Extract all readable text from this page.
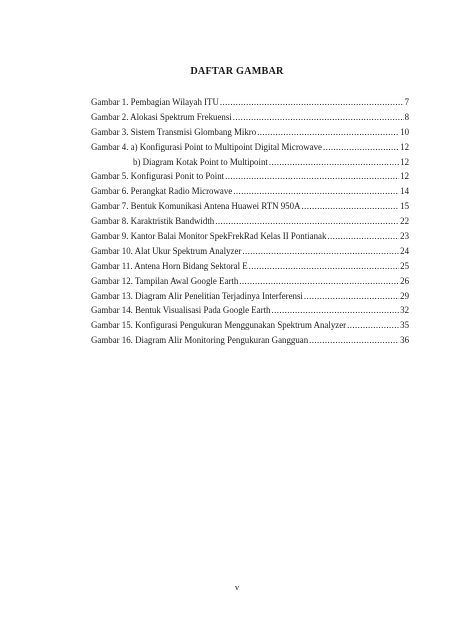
DAFTAR GAMBAR
Gambar 1. Pembagian Wilayah ITU .....	7
Gambar 2. Alokasi Spektrum Frekuensi .....	8
Gambar 3. Sistem Transmisi Glombang Mikro .....	10
Gambar 4. a) Konfigurasi Point to Multipoint Digital Microwave .....	12
b) Diagram Kotak Point to Multipoint .....	12
Gambar 5. Konfigurasi Ponit to Point .....	12
Gambar 6. Perangkat Radio Microwave .....	14
Gambar 7. Bentuk Komunikasi Antena Huawei RTN 950A .....	15
Gambar 8. Karaktristik Bandwidth .....	22
Gambar 9. Kantor Balai Monitor SpekFrekRad Kelas II Pontianak .....	23
Gambar 10. Alat Ukur Spektrum Analyzer .....	24
Gambar 11. Antena Horn Bidang Sektoral E .....	25
Gambar 12. Tampilan Awal Google Earth .....	26
Gambar 13. Diagram Alir Penelitian Terjadinya Interferensi .....	29
Gambar 14. Bentuk Visualisasi Pada Google Earth .....	32
Gambar 15. Konfigurasi Pengukuran Menggunakan Spektrum Analyzer .....	35
Gambar 16. Diagram Alir Monitoring Pengukuran Gangguan .....	36
v
